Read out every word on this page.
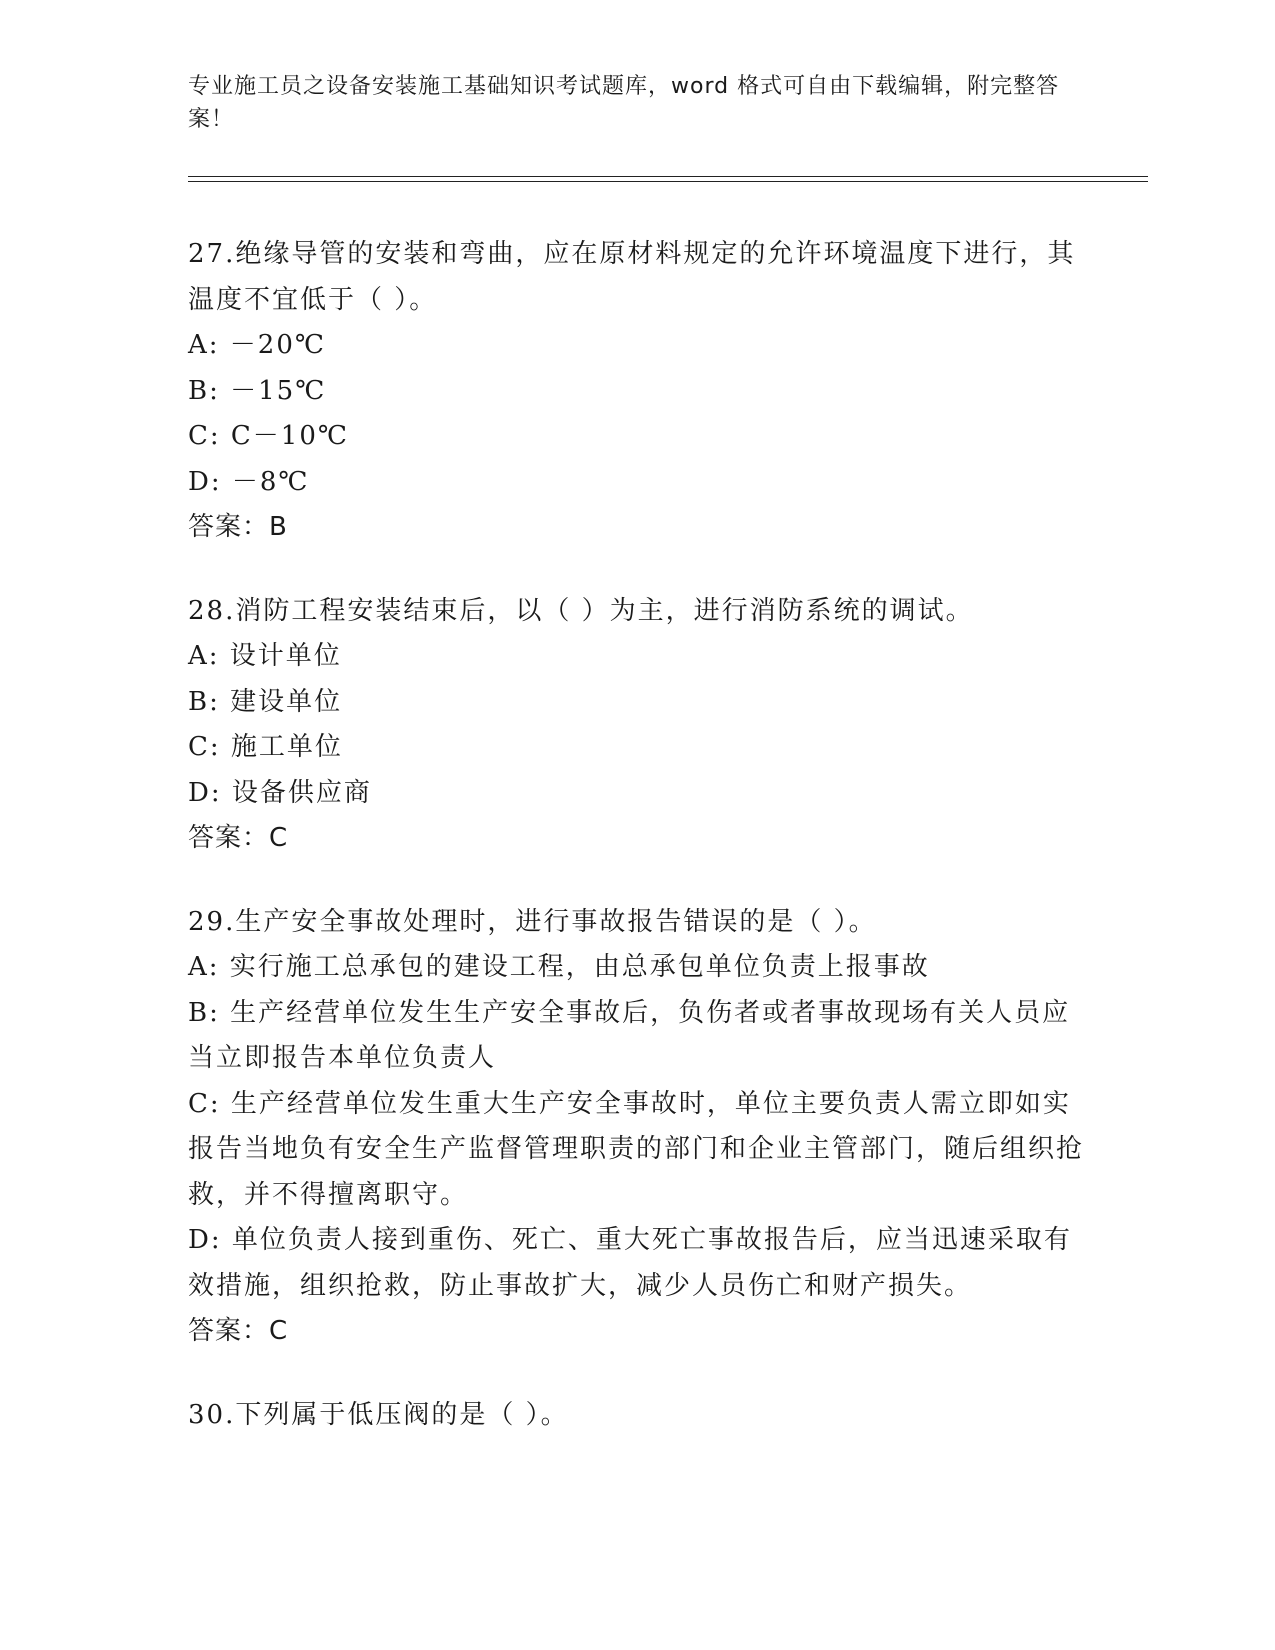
专业施工员之设备安装施工基础知识考试题库，word 格式可自由下载编辑，附完整答案！
27.绝缘导管的安装和弯曲，应在原材料规定的允许环境温度下进行，其温度不宜低于（ ）。
A: －20℃
B: －15℃
C: C－10℃
D: －8℃
答案：B
28.消防工程安装结束后，以（ ）为主，进行消防系统的调试。
A: 设计单位
B: 建设单位
C: 施工单位
D: 设备供应商
答案：C
29.生产安全事故处理时，进行事故报告错误的是（ ）。
A: 实行施工总承包的建设工程，由总承包单位负责上报事故
B: 生产经营单位发生生产安全事故后，负伤者或者事故现场有关人员应当立即报告本单位负责人
C: 生产经营单位发生重大生产安全事故时，单位主要负责人需立即如实报告当地负有安全生产监督管理职责的部门和企业主管部门，随后组织抢救，并不得擅离职守。
D: 单位负责人接到重伤、死亡、重大死亡事故报告后，应当迅速采取有效措施，组织抢救，防止事故扩大，减少人员伤亡和财产损失。
答案：C
30.下列属于低压阀的是（ ）。
